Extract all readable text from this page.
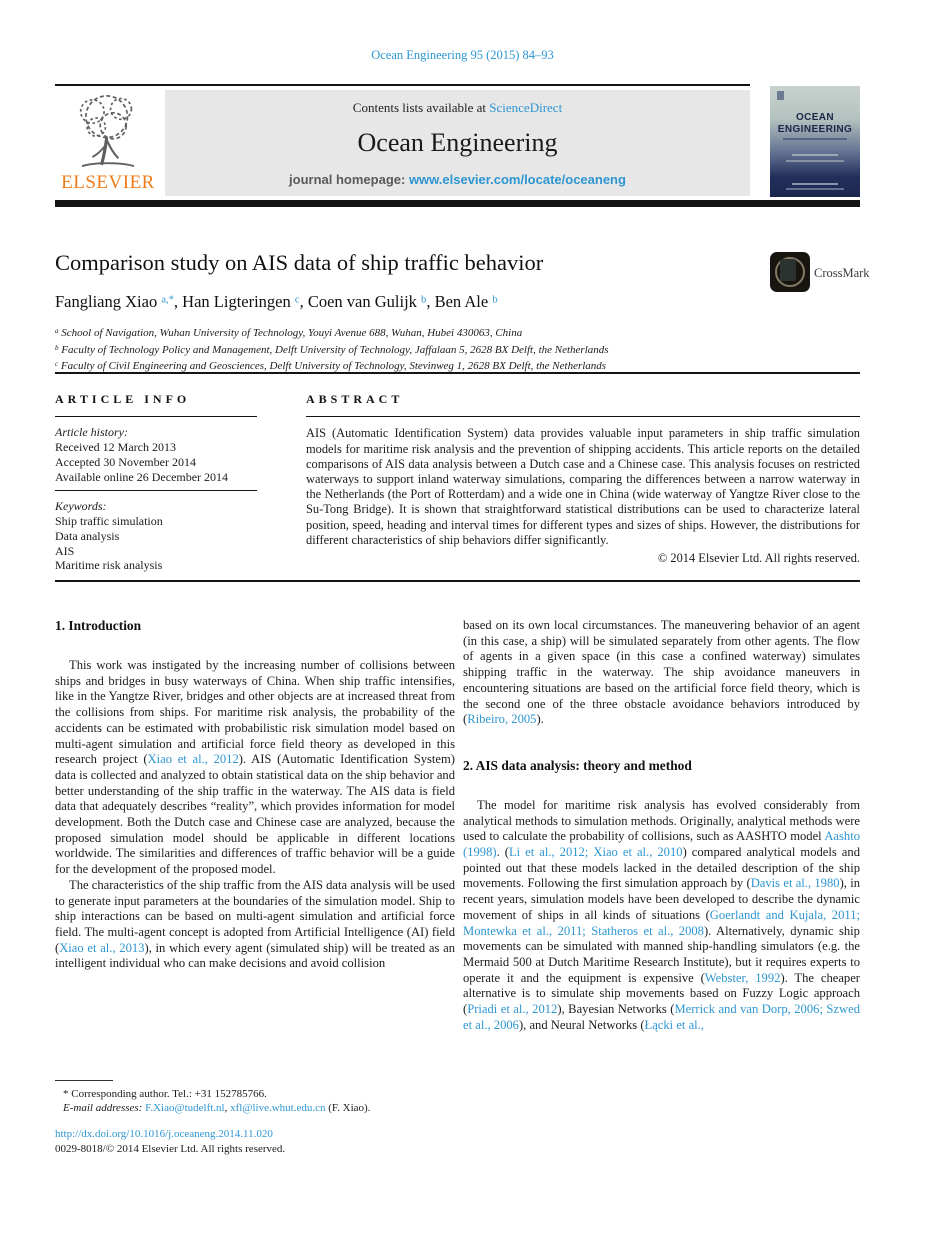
Ocean Engineering 95 (2015) 84–93
ELSEVIER
Contents lists available at ScienceDirect
Ocean Engineering
journal homepage: www.elsevier.com/locate/oceaneng
OCEAN
ENGINEERING
Comparison study on AIS data of ship traffic behavior	CrossMark
Fangliang Xiao $^{a,*}$, Han Ligteringen $^c$, Coen van Gulijk $^b$, Ben Ale $^b$
$^a$ School of Navigation, Wuhan University of Technology, Youyi Avenue 688, Wuhan, Hubei 430063, China
$^b$ Faculty of Technology Policy and Management, Delft University of Technology, Jaffalaan 5, 2628 BX Delft, the Netherlands
$^c$ Faculty of Civil Engineering and Geosciences, Delft University of Technology, Stevinweg 1, 2628 BX Delft, the Netherlands
ARTICLE INFO
Article history:
Received 12 March 2013
Accepted 30 November 2014
Available online 26 December 2014
Keywords:
Ship traffic simulation
Data analysis
AIS
Maritime risk analysis
ABSTRACT
AIS (Automatic Identification System) data provides valuable input parameters in ship traffic simulation models for maritime risk analysis and the prevention of shipping accidents. This article reports on the detailed comparisons of AIS data analysis between a Dutch case and a Chinese case. This analysis focuses on restricted waterways to support inland waterway simulations, comparing the differences between a narrow waterway in the Netherlands (the Port of Rotterdam) and a wide one in China (wide waterway of Yangtze River close to the Su-Tong Bridge). It is shown that straightforward statistical distributions can be used to characterize lateral position, speed, heading and interval times for different types and sizes of ships. However, the distributions for different characteristics of ship behaviors differ significantly.
© 2014 Elsevier Ltd. All rights reserved.
1. Introduction

This work was instigated by the increasing number of collisions between ships and bridges in busy waterways of China. When ship traffic intensifies, like in the Yangtze River, bridges and other objects are at increased threat from the collisions from ships. For maritime risk analysis, the probability of the accidents can be estimated with probabilistic risk simulation model based on multi-agent simulation and artificial force field theory as developed in this research project (Xiao et al., 2012). AIS (Automatic Identification System) data is collected and analyzed to obtain statistical data on the ship behavior and better understanding of the ship traffic in the waterway. The AIS data is field data that adequately describes “reality”, which provides information for model development. Both the Dutch case and Chinese case are analyzed, because the proposed simulation model should be applicable in different locations worldwide. The similarities and differences of traffic behavior will be a guide for the development of the proposed model.

The characteristics of the ship traffic from the AIS data analysis will be used to generate input parameters at the boundaries of the simulation model. Ship to ship interactions can be based on multi-agent simulation and artificial force field. The multi-agent concept is adopted from Artificial Intelligence (AI) field (Xiao et al., 2013), in which every agent (simulated ship) will be treated as an intelligent individual who can make decisions and avoid collision

based on its own local circumstances. The maneuvering behavior of an agent (in this case, a ship) will be simulated separately from other agents. The flow of agents in a given space (in this case a confined waterway) simulates shipping traffic in the waterway. The ship avoidance maneuvers in encountering situations are based on the artificial force field theory, which is the second one of the three obstacle avoidance behaviors introduced by (Ribeiro, 2005).

2. AIS data analysis: theory and method

The model for maritime risk analysis has evolved considerably from analytical methods to simulation methods. Originally, analytical methods were used to calculate the probability of collisions, such as AASHTO model Aashto (1998). (Li et al., 2012; Xiao et al., 2010) compared analytical models and pointed out that these models lacked in the detailed description of the ship movements. Following the first simulation approach by (Davis et al., 1980), in recent years, simulation models have been developed to describe the dynamic movement of ships in all kinds of situations (Goerlandt and Kujala, 2011; Montewka et al., 2011; Statheros et al., 2008). Alternatively, dynamic ship movements can be simulated with manned ship-handling simulators (e.g. the Mermaid 500 at Dutch Maritime Research Institute), but it requires experts to operate it and the equipment is expensive (Webster, 1992). The cheaper alternative is to simulate ship movements based on Fuzzy Logic approach (Priadi et al., 2012), Bayesian Networks (Merrick and van Dorp, 2006; Szwed et al., 2006), and Neural Networks (Łącki et al.,

* Corresponding author. Tel.: +31 152785766.
E-mail addresses: F.Xiao@tudelft.nl, xfl@live.whut.edu.cn (F. Xiao).
http://dx.doi.org/10.1016/j.oceaneng.2014.11.020
0029-8018/© 2014 Elsevier Ltd. All rights reserved.
